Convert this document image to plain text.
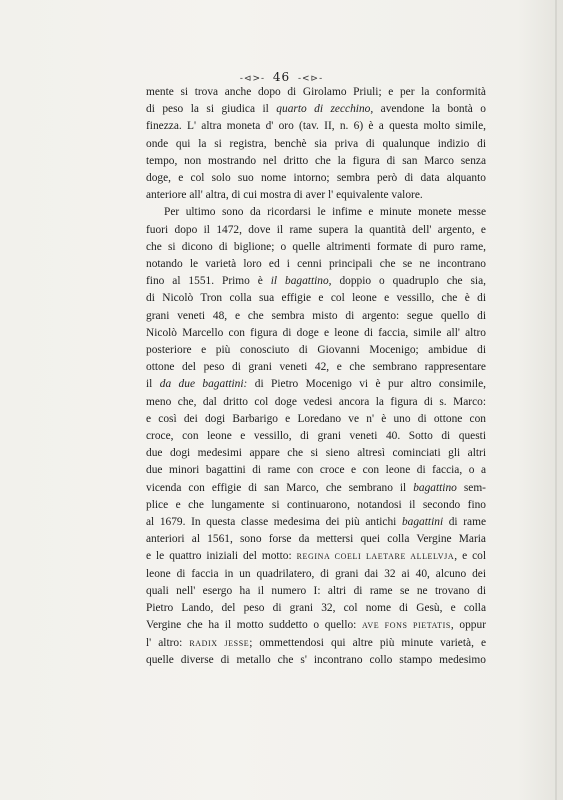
-⊲>- 46 -<⊳-
mente si trova anche dopo di Girolamo Priuli; e per la conformità
di peso la si giudica il quarto di zecchino, avendone la bontà o
finezza. L' altra moneta d' oro (tav. II, n. 6) è a questa molto simile,
onde qui la si registra, benchè sia priva di qualunque indizio di
tempo, non mostrando nel dritto che la figura di san Marco senza
doge, e col solo suo nome intorno; sembra però di data alquanto
anteriore all' altra, di cui mostra di aver l' equivalente valore.
Per ultimo sono da ricordarsi le infime e minute monete messe
fuori dopo il 1472, dove il rame supera la quantità dell' argento, e
che si dicono di biglione; o quelle altrimenti formate di puro rame,
notando le varietà loro ed i cenni principali che se ne incontrano
fino al 1551. Primo è il bagattino, doppio o quadruplo che sia,
di Nicolò Tron colla sua effigie e col leone e vessillo, che è di
grani veneti 48, e che sembra misto di argento: segue quello di
Nicolò Marcello con figura di doge e leone di faccia, simile all' altro
posteriore e più conosciuto di Giovanni Mocenigo; ambidue di
ottone del peso di grani veneti 42, e che sembrano rappresentare
il da due bagattini: di Pietro Mocenigo vi è pur altro consimile,
meno che, dal dritto col doge vedesi ancora la figura di s. Marco:
e così dei dogi Barbarigo e Loredano ve n' è uno di ottone con
croce, con leone e vessillo, di grani veneti 40. Sotto di questi
due dogi medesimi appare che si sieno altresì cominciati gli altri
due minori bagattini di rame con croce e con leone di faccia, o a
vicenda con effigie di san Marco, che sembrano il bagattino sem-
plice e che lungamente si continuarono, notandosi il secondo fino
al 1679. In questa classe medesima dei più antichi bagattini di rame
anteriori al 1561, sono forse da mettersi quei colla Vergine Maria
e le quattro iniziali del motto: REGINA COELI LAETARE ALLELVJA, e col
leone di faccia in un quadrilatero, di grani dai 32 ai 40, alcuno dei
quali nell' esergo ha il numero I: altri di rame se ne trovano di
Pietro Lando, del peso di grani 32, col nome di Gesù, e colla
Vergine che ha il motto suddetto o quello: AVE FONS PIETATIS, oppur
l' altro: RADIX JESSE; ommettendosi qui altre più minute varietà, e
quelle diverse di metallo che s' incontrano collo stampo medesimo
